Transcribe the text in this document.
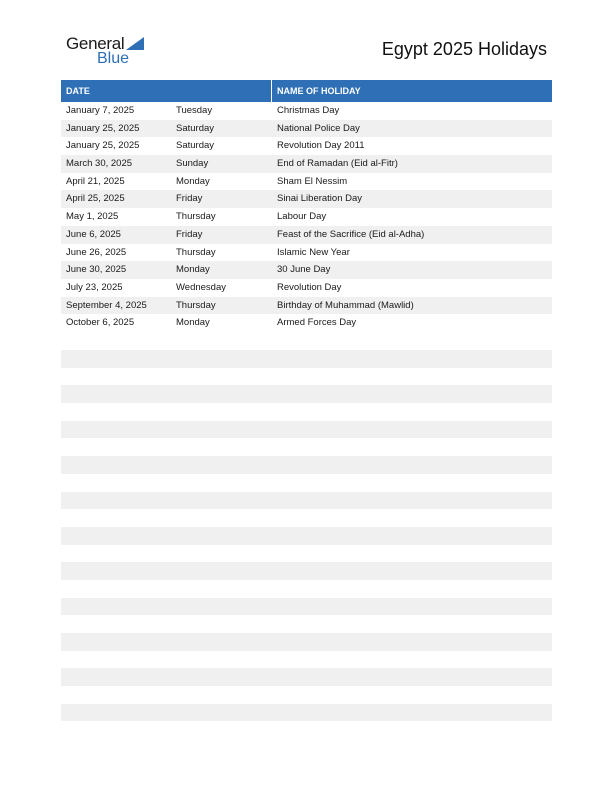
General
Blue	Egypt 2025 Holidays
DATE	NAME OF HOLIDAY
January 7, 2025	Tuesday	Christmas Day
January 25, 2025	Saturday	National Police Day
January 25, 2025	Saturday	Revolution Day 2011
March 30, 2025	Sunday	End of Ramadan (Eid al-Fitr)
April 21, 2025	Monday	Sham El Nessim
April 25, 2025	Friday	Sinai Liberation Day
May 1, 2025	Thursday	Labour Day
June 6, 2025	Friday	Feast of the Sacrifice (Eid al-Adha)
June 26, 2025	Thursday	Islamic New Year
June 30, 2025	Monday	30 June Day
July 23, 2025	Wednesday	Revolution Day
September 4, 2025	Thursday	Birthday of Muhammad (Mawlid)
October 6, 2025	Monday	Armed Forces Day
